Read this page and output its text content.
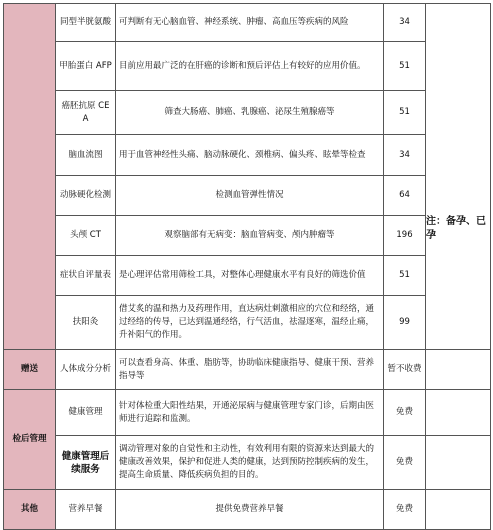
	同型半胱氨酸	可判断有无心脑血管、神经系统、肿瘤、高血压等疾病的风险	34	
	甲胎蛋白 AFP	目前应用最广泛的在肝癌的诊断和预后评估上有较好的应用价值。	51	
	癌胚抗原 CEA	筛查大肠癌、肺癌、乳腺癌、泌尿生殖腺癌等	51	
	脑血流图	用于血管神经性头痛、脑动脉硬化、颈椎病、偏头疼、眩晕等检查	34	
	动脉硬化检测	检测血管弹性情况	64	
	头颅 CT	观察脑部有无病变：脑血管病变、颅内肿瘤等	196	
	症状自评量表	是心理评估常用筛检工具，对整体心理健康水平有良好的筛选价值	51	
	扶阳灸	借艾炙的温和热力及药理作用，直达病灶刺激相应的穴位和经络，通过经络的传导，已达到温通经络，行气活血，祛湿逐寒，温经止痛，升补阳气的作用。	99	
赠送	人体成分分析	可以查看身高、体重、脂肪等，协助临床健康指导、健康干预、营养指导等	暂不收费	
检后管理	健康管理	针对体检重大阳性结果，开通泌尿病与健康管理专家门诊，后期由医师进行追踪和监测。	免费	
	健康管理后续服务	调动管理对象的自觉性和主动性，有效利用有限的资源来达到最大的健康改善效果，保护和促进人类的健康，达到预防控制疾病的发生，提高生命质量、降低疾病负担的目的。	免费	
其他	营养早餐	提供免费营养早餐	免费	
注：备孕、已孕
